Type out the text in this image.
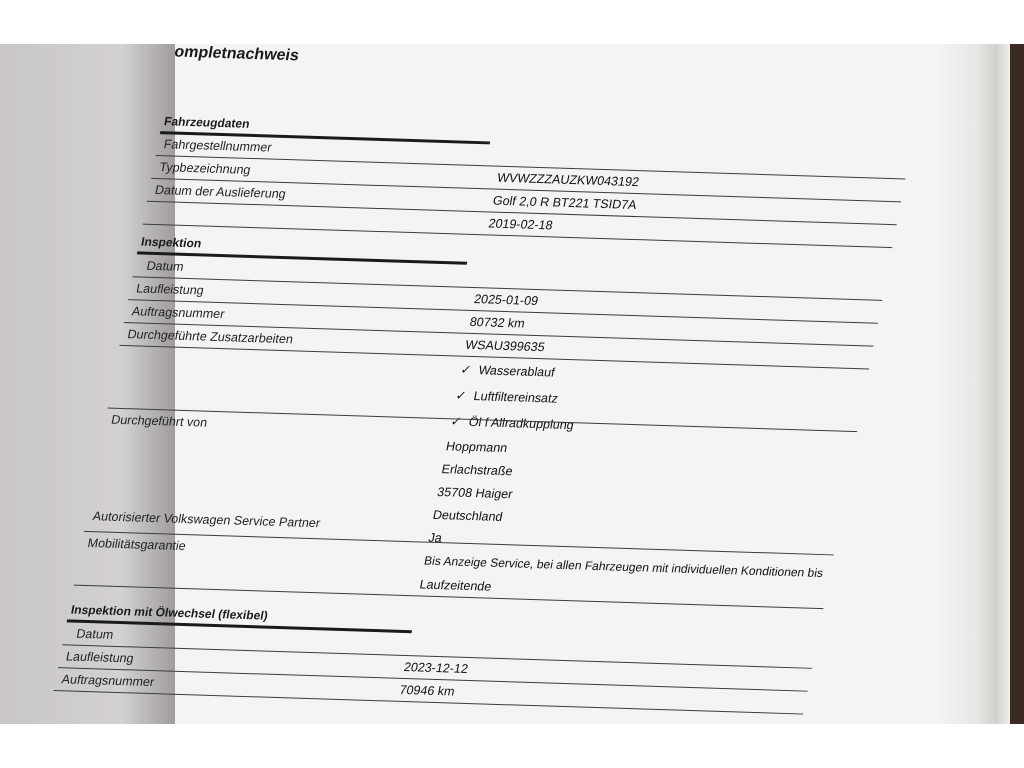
ompletnachweis
Fahrzeugdaten
Fahrgestellnummer
Typbezeichnung
WVWZZZAUZKW043192
Datum der Auslieferung
Golf 2,0 R BT221 TSID7A
2019-02-18
Inspektion
Datum
Laufleistung
2025-01-09
Auftragsnummer
80732 km
Durchgeführte Zusatzarbeiten	WSAU399635
✓ Wasserablauf
✓ Luftfiltereinsatz
✓ Öl f Allradkupplung
Durchgeführt von
Hoppmann
Erlachstraße
35708 Haiger
Deutschland
Autorisierter Volkswagen Service Partner
Ja
Mobilitätsgarantie
Bis Anzeige Service, bei allen Fahrzeugen mit individuellen Konditionen bis
Laufzeitende
Inspektion mit Ölwechsel (flexibel)
Datum
Laufleistung
2023-12-12
Auftragsnummer
70946 km
